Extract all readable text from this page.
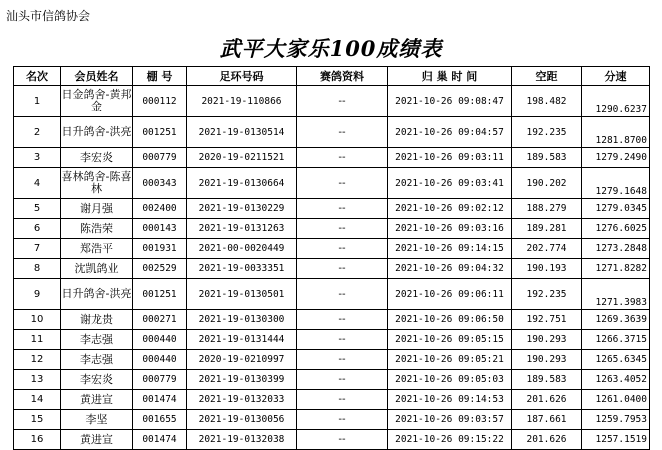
汕头市信鸽协会
武平大家乐100成绩表
名次	会员姓名	棚 号	足环号码	赛鸽资料	归 巢 时 间	空距	分速
1	日金鸽舍-黄邦金	000112	2021-19-110866	--	2021-10-26 09:08:47	198.482	1290.6237
2	日升鸽舍-洪亮	001251	2021-19-0130514	--	2021-10-26 09:04:57	192.235	1281.8700
3	李宏炎	000779	2020-19-0211521	--	2021-10-26 09:03:11	189.583	1279.2490
4	喜林鸽舍-陈喜林	000343	2021-19-0130664	--	2021-10-26 09:03:41	190.202	1279.1648
5	谢月强	002400	2021-19-0130229	--	2021-10-26 09:02:12	188.279	1279.0345
6	陈浩荣	000143	2021-19-0131263	--	2021-10-26 09:03:16	189.281	1276.6025
7	郑浩平	001931	2021-00-0020449	--	2021-10-26 09:14:15	202.774	1273.2848
8	沈凯鸽业	002529	2021-19-0033351	--	2021-10-26 09:04:32	190.193	1271.8282
9	日升鸽舍-洪亮	001251	2021-19-0130501	--	2021-10-26 09:06:11	192.235	1271.3983
10	谢龙贵	000271	2021-19-0130300	--	2021-10-26 09:06:50	192.751	1269.3639
11	李志强	000440	2021-19-0131444	--	2021-10-26 09:05:15	190.293	1266.3715
12	李志强	000440	2020-19-0210997	--	2021-10-26 09:05:21	190.293	1265.6345
13	李宏炎	000779	2021-19-0130399	--	2021-10-26 09:05:03	189.583	1263.4052
14	黄进宣	001474	2021-19-0132033	--	2021-10-26 09:14:53	201.626	1261.0400
15	李坚	001655	2021-19-0130056	--	2021-10-26 09:03:57	187.661	1259.7953
16	黄进宣	001474	2021-19-0132038	--	2021-10-26 09:15:22	201.626	1257.1519
